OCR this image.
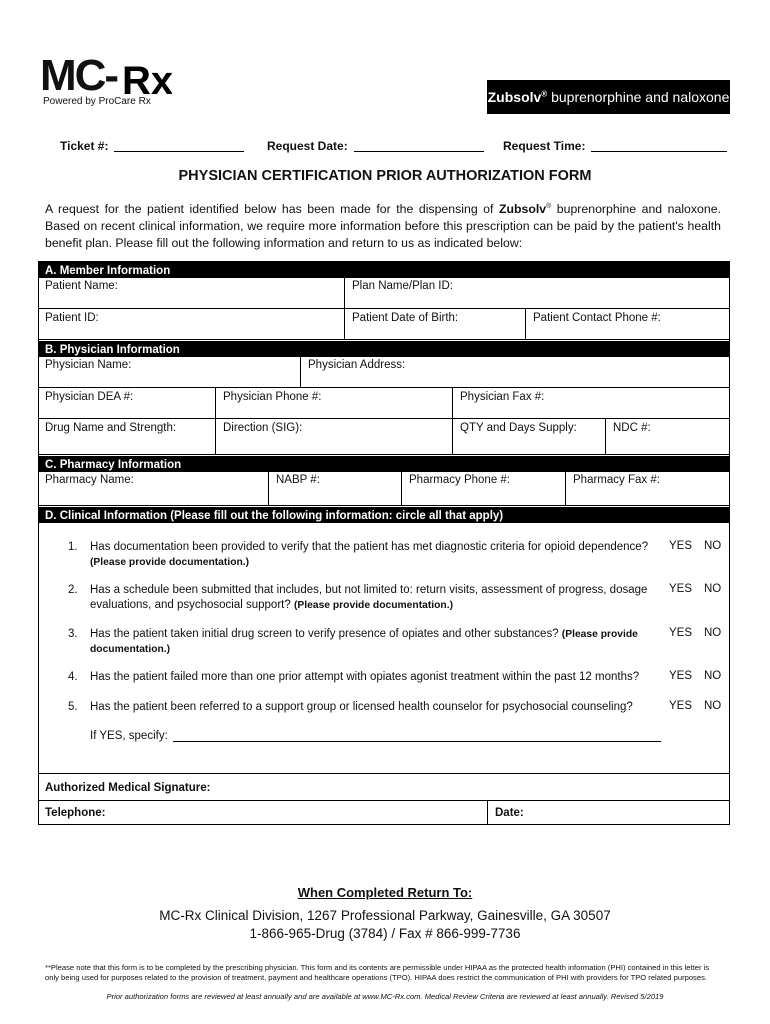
MC- Rx
Powered by ProCare Rx	Zubsolv®
buprenorphine and naloxone
Ticket #:	Request Date:	Request Time:
PHYSICIAN CERTIFICATION PRIOR AUTHORIZATION FORM
A request for the patient identified below has been made for the dispensing of Zubsolv® buprenorphine and naloxone. Based on recent clinical information, we require more information before this prescription can be paid by the patient's health benefit plan. Please fill out the following information and return to us as indicated below:
A. Member Information
Patient Name:	Plan Name/Plan ID:
Patient ID:	Patient Date of Birth:	Patient Contact Phone #:
B. Physician Information
Physician Name:	Physician Address:
Physician DEA #:	Physician Phone #:	Physician Fax #:
Drug Name and Strength:	Direction (SIG):	QTY and Days Supply:	NDC #:
C. Pharmacy Information
Pharmacy Name:	NABP #:	Pharmacy Phone #:	Pharmacy Fax #:
D. Clinical Information (Please fill out the following information: circle all that apply)
1. Has documentation been provided to verify that the patient has met diagnostic criteria for opioid dependence?
(Please provide documentation.)
YES NO
2. Has a schedule been submitted that includes, but not limited to: return visits, assessment of progress, dosage evaluations, and psychosocial support? (Please provide documentation.)
YES NO
3. Has the patient taken initial drug screen to verify presence of opiates and other substances? (Please provide documentation.)
YES NO
4. Has the patient failed more than one prior attempt with opiates agonist treatment within the past 12 months?	YES NO
5. Has the patient been referred to a support group or licensed health counselor for psychosocial counseling?	YES NO
If YES, specify:
Authorized Medical Signature:
Telephone:	Date:
When Completed Return To:
MC-Rx Clinical Division, 1267 Professional Parkway, Gainesville, GA 30507
1-866-965-Drug (3784) / Fax # 866-999-7736
**Please note that this form is to be completed by the prescribing physician. This form and its contents are permissible under HIPAA as the protected health information (PHI) contained in this letter is only being used for purposes related to the provision of treatment, payment and healthcare operations (TPO). HIPAA does restrict the communication of PHI with providers for TPO related purposes.
Prior authorization forms are reviewed at least annually and are available at www.MC-Rx.com. Medical Review Criteria are reviewed at least annually. Revised 5/2019
